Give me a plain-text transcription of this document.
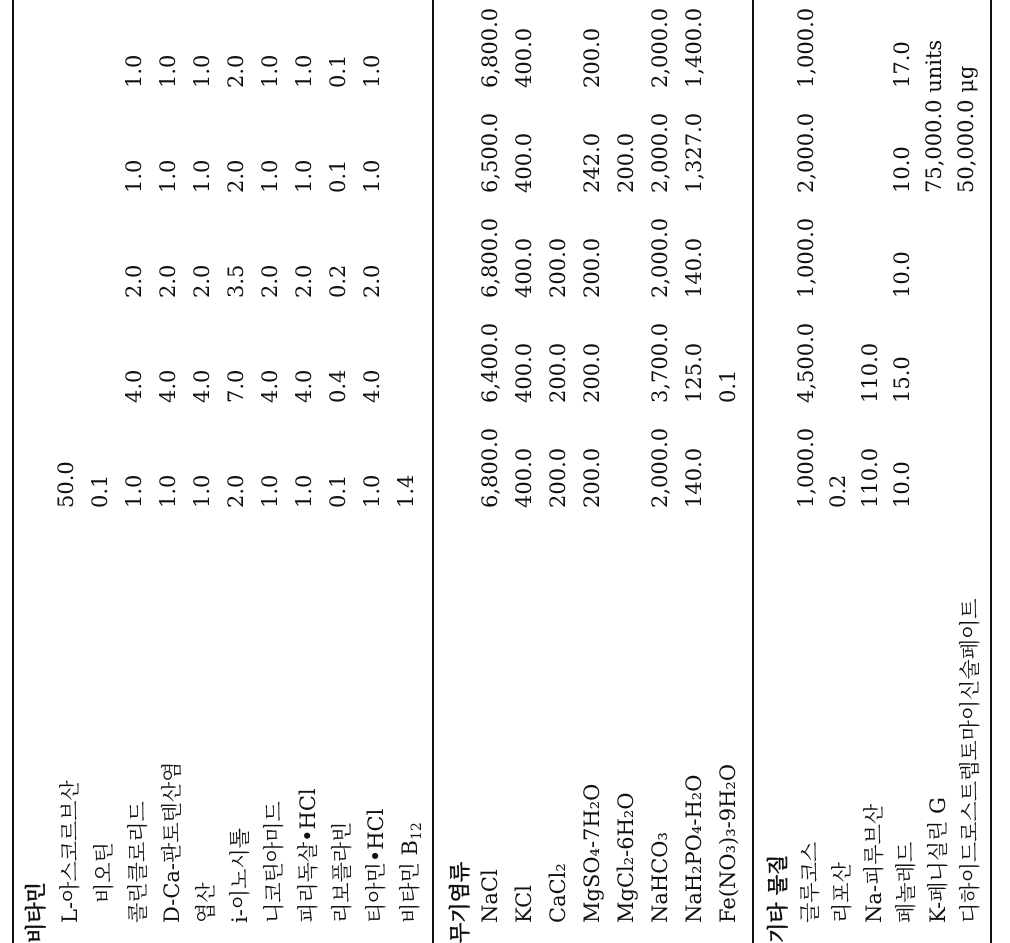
비타민 L-아스코르브산
50.0
비오틴
0.1
콜린클로리드
1.0
4.0
2.0
1.0
1.0
D-Ca-판토텐산염
1.0
4.0
2.0
1.0
1.0
엽산
1.0
4.0
2.0
1.0
1.0
i-이노시톨
2.0
7.0
3.5
2.0
2.0
니코틴아미드
1.0
4.0
2.0
1.0
1.0
피리독살•HCl
1.0
4.0
2.0
1.0
1.0
리보플라빈
0.1
0.4
0.2
0.1
0.1
티아민•HCl
1.0
4.0
2.0
1.0
1.0
비타민 B12
1.4
무기염류 NaCl
6,800.0
6,400.0
6,800.0
6,500.0
6,800.0
KCl
400.0
400.0
400.0
400.0
400.0
CaCl₂
200.0
200.0
200.0
MgSO₄-7H₂O
200.0
200.0
200.0
242.0
200.0
MgCl₂-6H₂O
200.0
NaHCO₃
2,000.0
3,700.0
2,000.0
2,000.0
2,000.0
NaH₂PO₄-H₂O
140.0
125.0
140.0
1,327.0
1,400.0
Fe(NO₃)₃-9H₂O
0.1
기타 물질 글루코스
1,000.0
4,500.0
1,000.0
2,000.0
1,000.0
리포산
0.2
Na-피루브산
110.0
110.0
페놀레드
10.0
15.0
10.0
10.0
17.0
K-페니실린 G
75,000.0 units
디하이드로스트렙토마이신술페이트
50,000.0 μg
